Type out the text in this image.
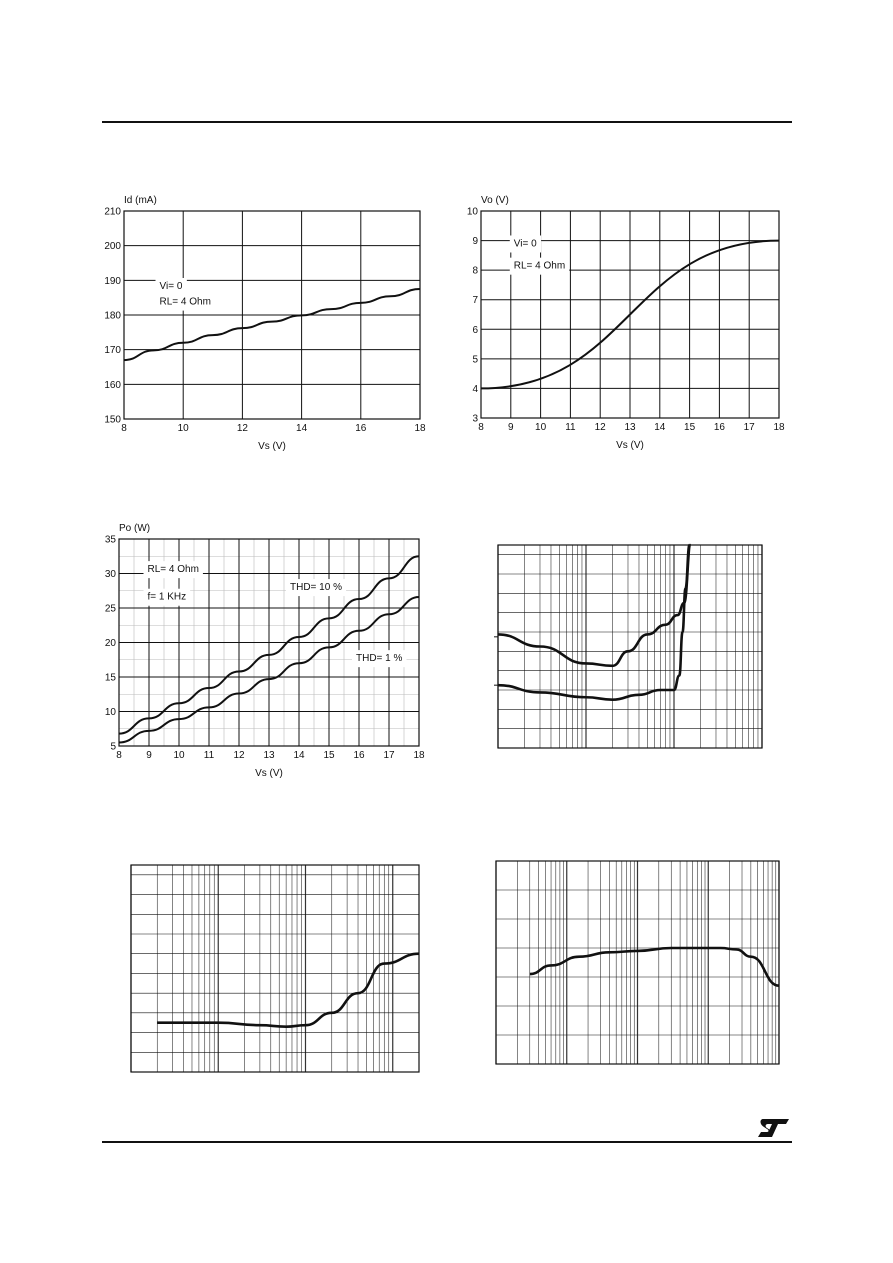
8	10	12	14	16	18
150
160
170
180
190
200
210
Id (mA)
Vs (V)
Vi= 0
RL= 4 Ohm
8 9 10 11 12 13 14 15 16 17 18
3
4
5
6
7
8
9
10
Vo (V)
Vs (V)
Vi= 0
RL= 4 Ohm
8 9 10 11 12 13 14 15 16 17 18
5
10
15
20
25
30
35
Po (W)
Vs (V)
RL= 4 Ohm
f= 1 KHz
THD= 10 %
THD= 1 %
